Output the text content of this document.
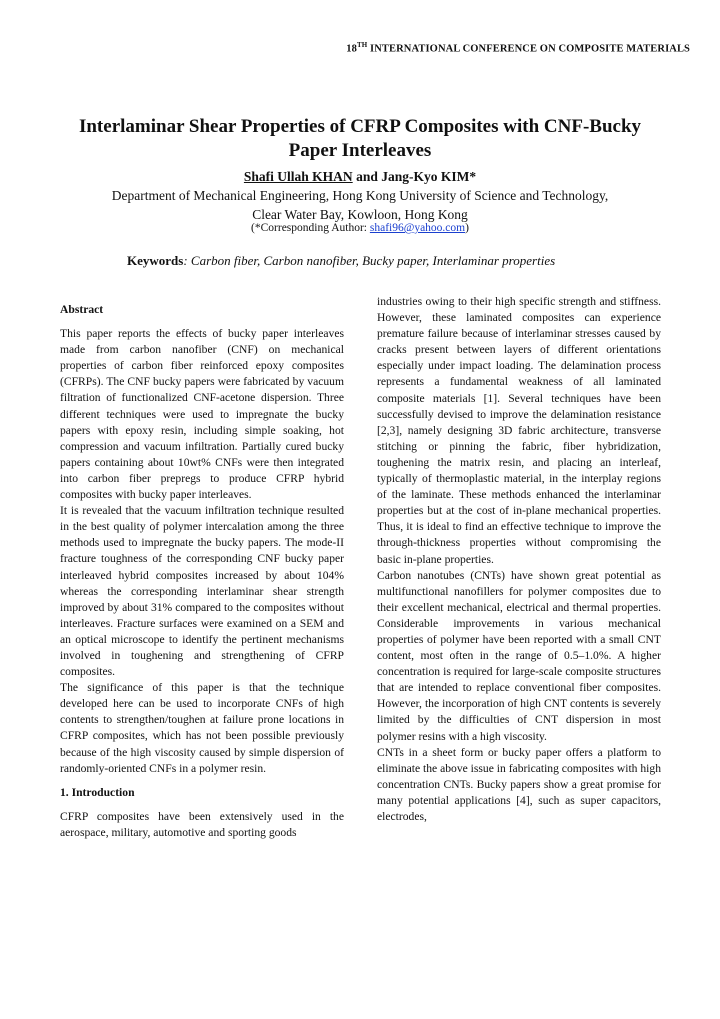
18TH INTERNATIONAL CONFERENCE ON COMPOSITE MATERIALS
Interlaminar Shear Properties of CFRP Composites with CNF-Bucky Paper Interleaves
Shafi Ullah KHAN and Jang-Kyo KIM*
Department of Mechanical Engineering, Hong Kong University of Science and Technology, Clear Water Bay, Kowloon, Hong Kong
(*Corresponding Author: shafi96@yahoo.com)
Keywords: Carbon fiber, Carbon nanofiber, Bucky paper, Interlaminar properties

Abstract

This paper reports the effects of bucky paper interleaves made from carbon nanofiber (CNF) on mechanical properties of carbon fiber reinforced epoxy composites (CFRPs). The CNF bucky papers were fabricated by vacuum filtration of functionalized CNF-acetone dispersion. Three different techniques were used to impregnate the bucky papers with epoxy resin, including simple soaking, hot compression and vacuum infiltration. Partially cured bucky papers containing about 10wt% CNFs were then integrated into carbon fiber prepregs to produce CFRP hybrid composites with bucky paper interleaves.

It is revealed that the vacuum infiltration technique resulted in the best quality of polymer intercalation among the three methods used to impregnate the bucky papers. The mode-II fracture toughness of the corresponding CNF bucky paper interleaved hybrid composites increased by about 104% whereas the corresponding interlaminar shear strength improved by about 31% compared to the composites without interleaves. Fracture surfaces were examined on a SEM and an optical microscope to identify the pertinent mechanisms involved in toughening and strengthening of CFRP composites.

The significance of this paper is that the technique developed here can be used to incorporate CNFs of high contents to strengthen/toughen at failure prone locations in CFRP composites, which has not been possible previously because of the high viscosity caused by simple dispersion of randomly-oriented CNFs in a polymer resin.

1. Introduction

CFRP composites have been extensively used in the aerospace, military, automotive and sporting goods

industries owing to their high specific strength and stiffness. However, these laminated composites can experience premature failure because of interlaminar stresses caused by cracks present between layers of different orientations especially under impact loading. The delamination process represents a fundamental weakness of all laminated composite materials [1]. Several techniques have been successfully devised to improve the delamination resistance [2,3], namely designing 3D fabric architecture, transverse stitching or pinning the fabric, fiber hybridization, toughening the matrix resin, and placing an interleaf, typically of thermoplastic material, in the interplay regions of the laminate. These methods enhanced the interlaminar properties but at the cost of in-plane mechanical properties. Thus, it is ideal to find an effective technique to improve the through-thickness properties without compromising the basic in-plane properties.

Carbon nanotubes (CNTs) have shown great potential as multifunctional nanofillers for polymer composites due to their excellent mechanical, electrical and thermal properties. Considerable improvements in various mechanical properties of polymer have been reported with a small CNT content, most often in the range of 0.5–1.0%. A higher concentration is required for large-scale composite structures that are intended to replace conventional fiber composites. However, the incorporation of high CNT contents is severely limited by the difficulties of CNT dispersion in most polymer resins with a high viscosity.

CNTs in a sheet form or bucky paper offers a platform to eliminate the above issue in fabricating composites with high concentration CNTs. Bucky papers show a great promise for many potential applications [4], such as super capacitors, electrodes,
